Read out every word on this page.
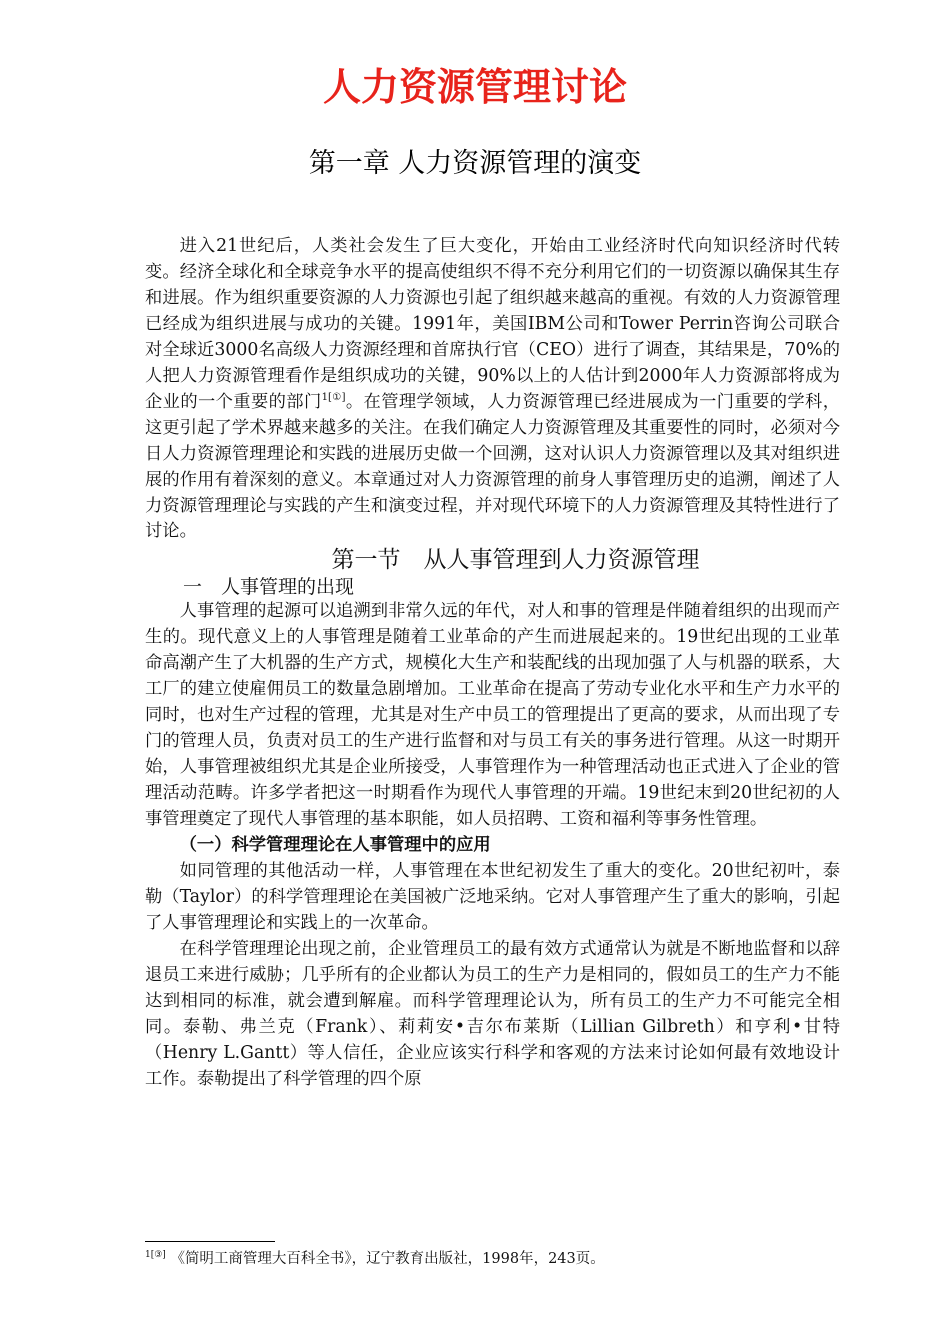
人力资源管理讨论
第一章 人力资源管理的演变

进入21世纪后，人类社会发生了巨大变化，开始由工业经济时代向知识经济时代转变。经济全球化和全球竞争水平的提高使组织不得不充分利用它们的一切资源以确保其生存和进展。作为组织重要资源的人力资源也引起了组织越来越高的重视。有效的人力资源管理已经成为组织进展与成功的关键。1991年，美国IBM公司和Tower Perrin咨询公司联合对全球近3000名高级人力资源经理和首席执行官（CEO）进行了调查，其结果是，70%的人把人力资源管理看作是组织成功的关键，90%以上的人估计到2000年人力资源部将成为企业的一个重要的部门$^{1[①]}$。在管理学领域，人力资源管理已经进展成为一门重要的学科，这更引起了学术界越来越多的关注。在我们确定人力资源管理及其重要性的同时，必须对今日人力资源管理理论和实践的进展历史做一个回溯，这对认识人力资源管理以及其对组织进展的作用有着深刻的意义。本章通过对人力资源管理的前身人事管理历史的追溯，阐述了人力资源管理理论与实践的产生和演变过程，并对现代环境下的人力资源管理及其特性进行了讨论。

第一节　从人事管理到人力资源管理

一　人事管理的出现

人事管理的起源可以追溯到非常久远的年代，对人和事的管理是伴随着组织的出现而产生的。现代意义上的人事管理是随着工业革命的产生而进展起来的。19世纪出现的工业革命高潮产生了大机器的生产方式，规模化大生产和装配线的出现加强了人与机器的联系，大工厂的建立使雇佣员工的数量急剧增加。工业革命在提高了劳动专业化水平和生产力水平的同时，也对生产过程的管理，尤其是对生产中员工的管理提出了更高的要求，从而出现了专门的管理人员，负责对员工的生产进行监督和对与员工有关的事务进行管理。从这一时期开始，人事管理被组织尤其是企业所接受，人事管理作为一种管理活动也正式进入了企业的管理活动范畴。许多学者把这一时期看作为现代人事管理的开端。19世纪末到20世纪初的人事管理奠定了现代人事管理的基本职能，如人员招聘、工资和福利等事务性管理。

（一）科学管理理论在人事管理中的应用

如同管理的其他活动一样，人事管理在本世纪初发生了重大的变化。20世纪初叶，泰勒（Taylor）的科学管理理论在美国被广泛地采纳。它对人事管理产生了重大的影响，引起了人事管理理论和实践上的一次革命。

在科学管理理论出现之前，企业管理员工的最有效方式通常认为就是不断地监督和以辞退员工来进行威胁；几乎所有的企业都认为员工的生产力是相同的，假如员工的生产力不能达到相同的标准，就会遭到解雇。而科学管理理论认为，所有员工的生产力不可能完全相同。泰勒、弗兰克（Frank）、莉莉安•吉尔布莱斯（Lillian Gilbreth）和亨利•甘特（Henry L.Gantt）等人信任，企业应该实行科学和客观的方法来讨论如何最有效地设计工作。泰勒提出了科学管理的四个原

$^{1[③]}$ 《简明工商管理大百科全书》，辽宁教育出版社，1998年，243页。
